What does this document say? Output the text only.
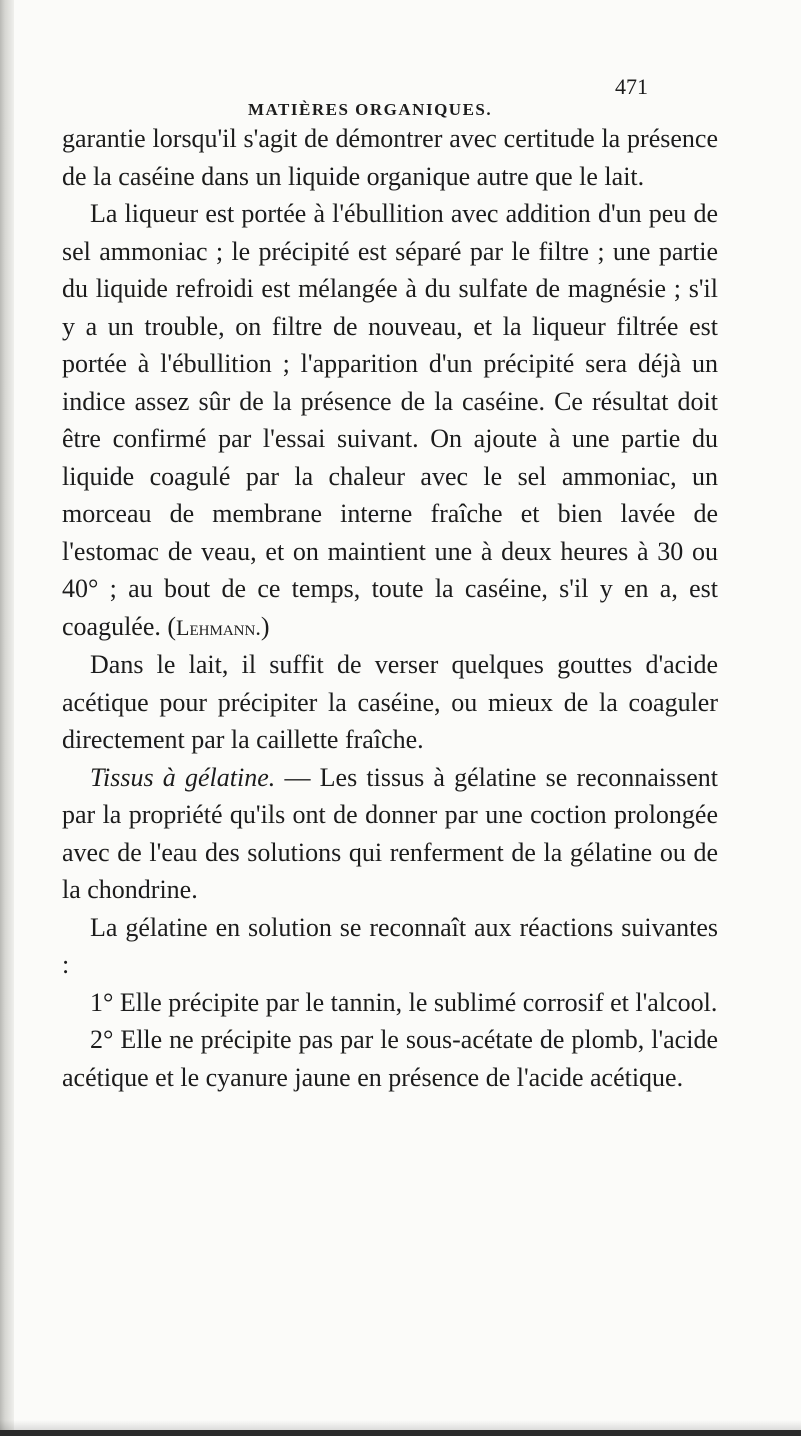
MATIÈRES ORGANIQUES.
471

garantie lorsqu'il s'agit de démontrer avec certitude la présence de la caséine dans un liquide organique autre que le lait.

La liqueur est portée à l'ébullition avec addition d'un peu de sel ammoniac ; le précipité est séparé par le filtre ; une partie du liquide refroidi est mélangée à du sulfate de magnésie ; s'il y a un trouble, on filtre de nouveau, et la liqueur filtrée est portée à l'ébullition ; l'apparition d'un précipité sera déjà un indice assez sûr de la présence de la caséine. Ce résultat doit être confirmé par l'essai suivant. On ajoute à une partie du liquide coagulé par la chaleur avec le sel ammoniac, un morceau de membrane interne fraîche et bien lavée de l'estomac de veau, et on maintient une à deux heures à 30 ou 40° ; au bout de ce temps, toute la caséine, s'il y en a, est coagulée. (Lehmann.)

Dans le lait, il suffit de verser quelques gouttes d'acide acétique pour précipiter la caséine, ou mieux de la coaguler directement par la caillette fraîche.

Tissus à gélatine. — Les tissus à gélatine se reconnaissent par la propriété qu'ils ont de donner par une coction prolongée avec de l'eau des solutions qui renferment de la gélatine ou de la chondrine.

La gélatine en solution se reconnaît aux réactions suivantes :

1° Elle précipite par le tannin, le sublimé corrosif et l'alcool.

2° Elle ne précipite pas par le sous-acétate de plomb, l'acide acétique et le cyanure jaune en présence de l'acide acétique.
